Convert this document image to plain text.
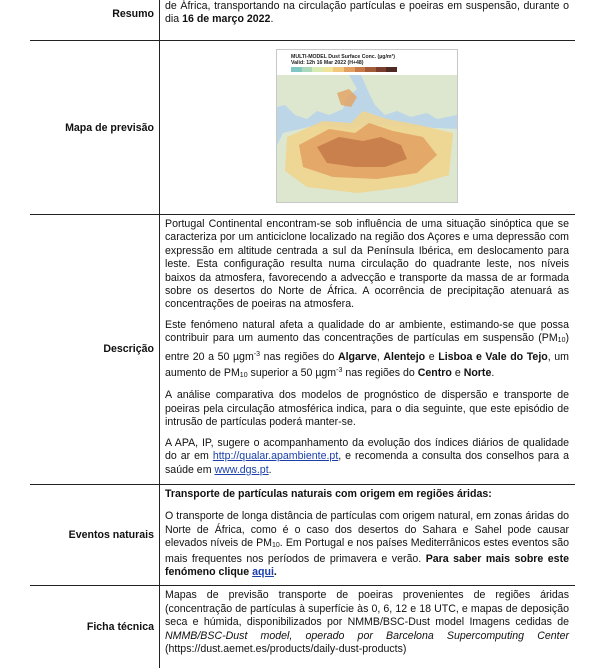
Resumo	de África, transportando na circulação partículas e poeiras em suspensão, durante o dia 16 de março 2022.

Mapa de previsão	MULTI-MODEL Dust Surface Conc. (µg/m³)
Valid: 12h 16 Mar 2022 (H+48)

Descrição	Portugal Continental encontram-se sob influência de uma situação sinóptica que se caracteriza por um anticiclone localizado na região dos Açores e uma depressão com expressão em altitude centrada a sul da Península Ibérica, em deslocamento para leste. Esta configuração resulta numa circulação do quadrante leste, nos níveis baixos da atmosfera, favorecendo a advecção e transporte da massa de ar formada sobre os desertos do Norte de África. A ocorrência de precipitação atenuará as concentrações de poeiras na atmosfera.

Este fenómeno natural afeta a qualidade do ar ambiente, estimando-se que possa contribuir para um aumento das concentrações de partículas em suspensão $(PM_{10})$ entre 20 a 50 µgm$^{-3}$ nas regiões do Algarve, Alentejo e Lisboa e Vale do Tejo, um aumento de $PM_{10}$ superior a 50 µgm$^{-3}$ nas regiões do Centro e Norte.

A análise comparativa dos modelos de prognóstico de dispersão e transporte de poeiras pela circulação atmosférica indica, para o dia seguinte, que este episódio de intrusão de partículas poderá manter-se.

A APA, IP, sugere o acompanhamento da evolução dos índices diários de qualidade do ar em http://qualar.apambiente.pt, e recomenda a consulta dos conselhos para a saúde em www.dgs.pt.

Eventos naturais	Transporte de partículas naturais com origem em regiões áridas:

O transporte de longa distância de partículas com origem natural, em zonas áridas do Norte de África, como é o caso dos desertos do Sahara e Sahel pode causar elevados níveis de $PM_{10}$. Em Portugal e nos países Mediterrânicos estes eventos são mais frequentes nos períodos de primavera e verão. Para saber mais sobre este fenómeno clique aqui.

Ficha técnica	Mapas de previsão transporte de poeiras provenientes de regiões áridas (concentração de partículas à superfície às 0, 6, 12 e 18 UTC, e mapas de deposição seca e húmida, disponibilizados por NMMB/BSC-Dust model Imagens cedidas de NMMB/BSC-Dust model, operado por Barcelona Supercomputing Center (https://dust.aemet.es/products/daily-dust-products)
